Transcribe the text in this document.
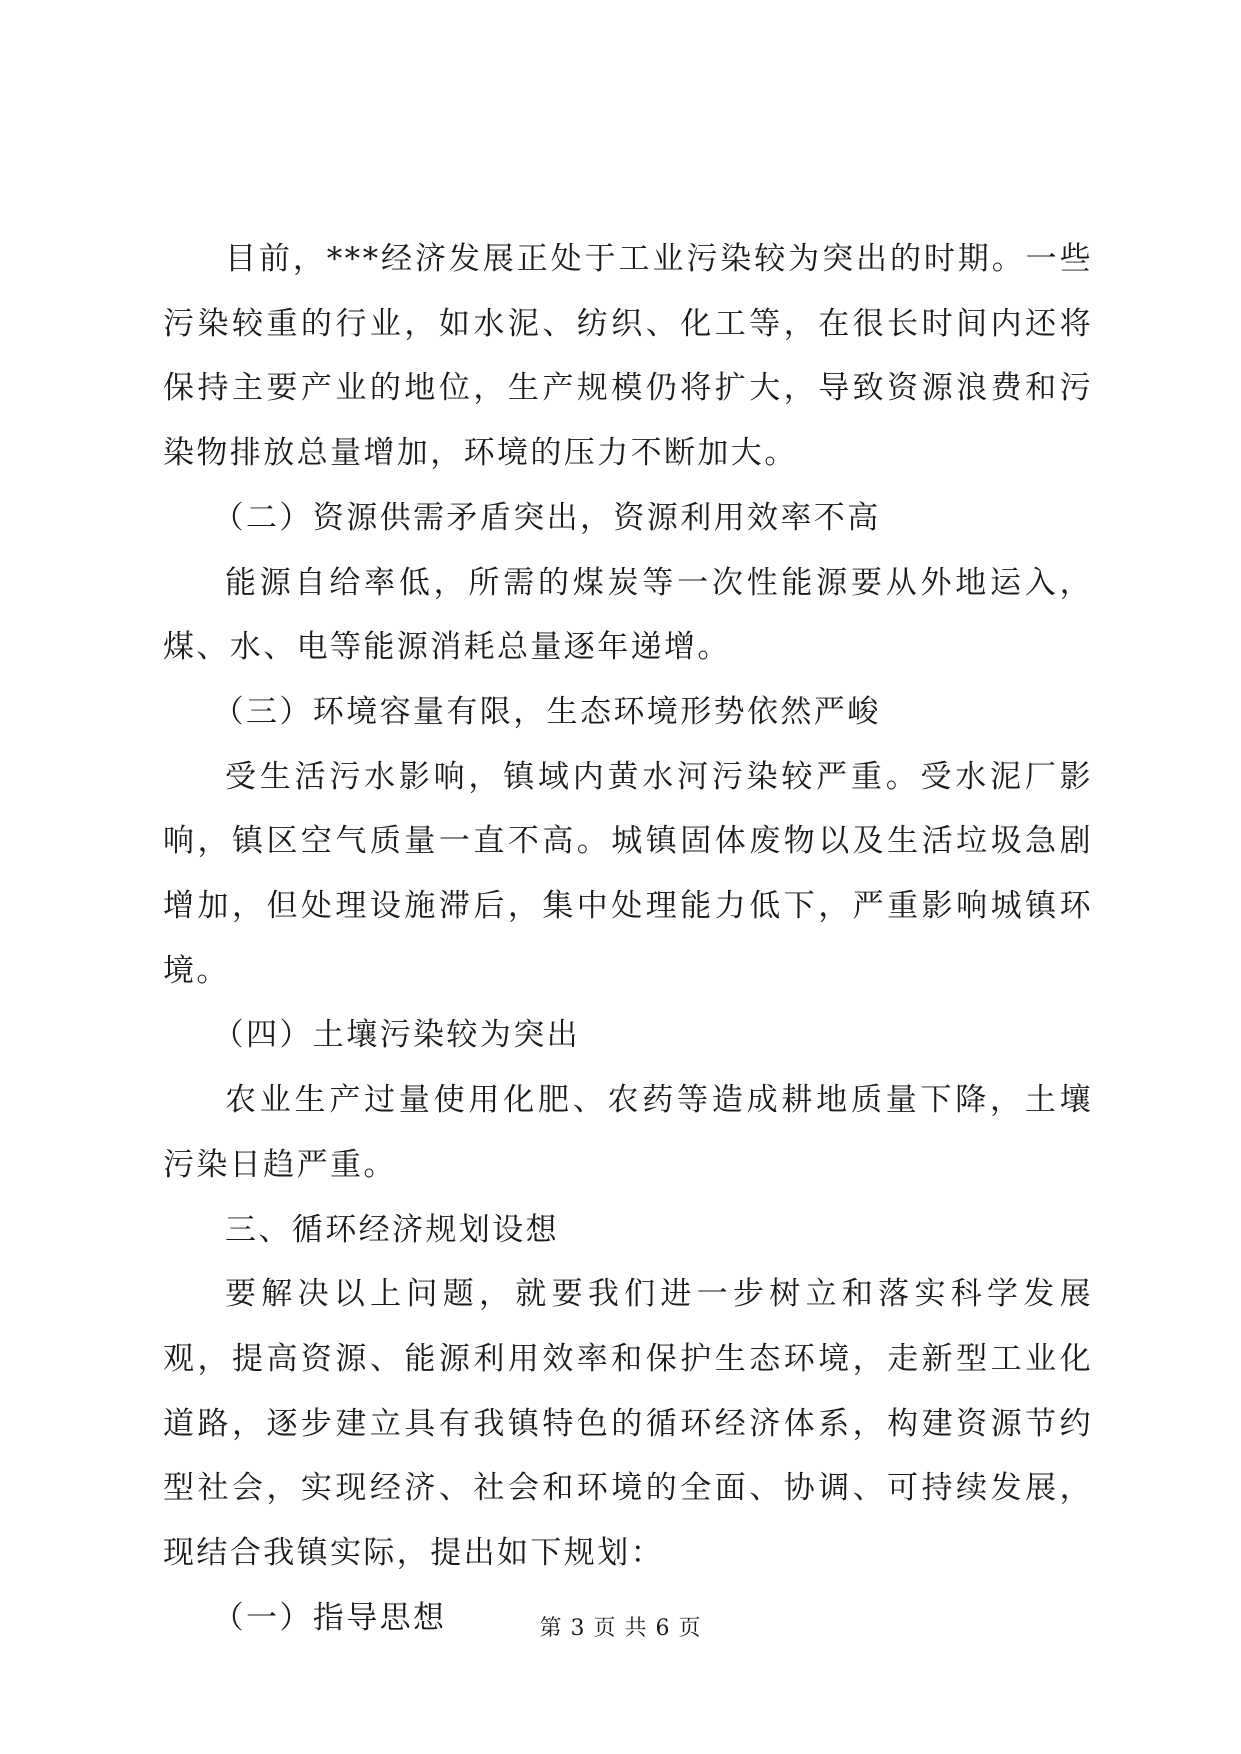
目前，***经济发展正处于工业污染较为突出的时期。一些污染较重的行业，如水泥、纺织、化工等，在很长时间内还将保持主要产业的地位，生产规模仍将扩大，导致资源浪费和污染物排放总量增加，环境的压力不断加大。

（二）资源供需矛盾突出，资源利用效率不高

能源自给率低，所需的煤炭等一次性能源要从外地运入，煤、水、电等能源消耗总量逐年递增。

（三）环境容量有限，生态环境形势依然严峻

受生活污水影响，镇域内黄水河污染较严重。受水泥厂影响，镇区空气质量一直不高。城镇固体废物以及生活垃圾急剧增加，但处理设施滞后，集中处理能力低下，严重影响城镇环境。

（四）土壤污染较为突出

农业生产过量使用化肥、农药等造成耕地质量下降，土壤污染日趋严重。

三、循环经济规划设想

要解决以上问题，就要我们进一步树立和落实科学发展观，提高资源、能源利用效率和保护生态环境，走新型工业化道路，逐步建立具有我镇特色的循环经济体系，构建资源节约型社会，实现经济、社会和环境的全面、协调、可持续发展，现结合我镇实际，提出如下规划：

（一）指导思想	第 3 页 共 6 页
